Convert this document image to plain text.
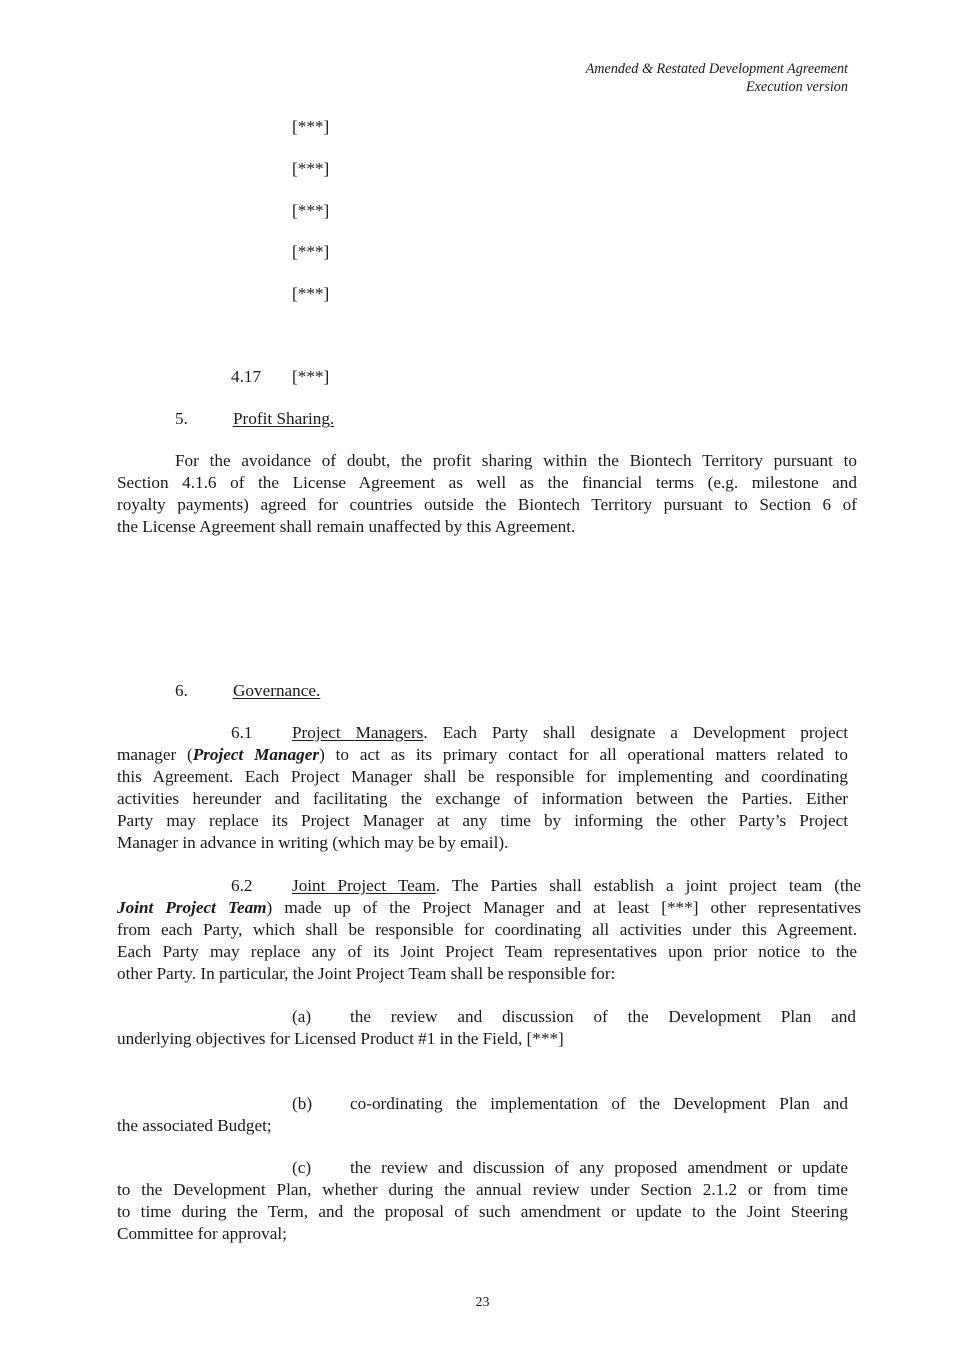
Amended & Restated Development Agreement
Execution version
[***]
[***]
[***]
[***]
[***]
4.17 [***]
5.	Profit Sharing.
For the avoidance of doubt, the profit sharing within the Biontech Territory pursuant to
Section 4.1.6 of the License Agreement as well as the financial terms (e.g. milestone and
royalty payments) agreed for countries outside the Biontech Territory pursuant to Section 6 of
the License Agreement shall remain unaffected by this Agreement.
6.	Governance.
6.1 Project Managers. Each Party shall designate a Development project
manager (Project Manager) to act as its primary contact for all operational matters related to
this Agreement. Each Project Manager shall be responsible for implementing and coordinating
activities hereunder and facilitating the exchange of information between the Parties. Either
Party may replace its Project Manager at any time by informing the other Party’s Project
Manager in advance in writing (which may be by email).
6.2 Joint Project Team. The Parties shall establish a joint project team (the
Joint Project Team) made up of the Project Manager and at least [***] other representatives
from each Party, which shall be responsible for coordinating all activities under this Agreement.
Each Party may replace any of its Joint Project Team representatives upon prior notice to the
other Party. In particular, the Joint Project Team shall be responsible for:
(a) the review and discussion of the Development Plan and
underlying objectives for Licensed Product #1 in the Field, [***]
(b) co-ordinating the implementation of the Development Plan and
the associated Budget;
(c) the review and discussion of any proposed amendment or update
to the Development Plan, whether during the annual review under Section 2.1.2 or from time
to time during the Term, and the proposal of such amendment or update to the Joint Steering
Committee for approval;
23
